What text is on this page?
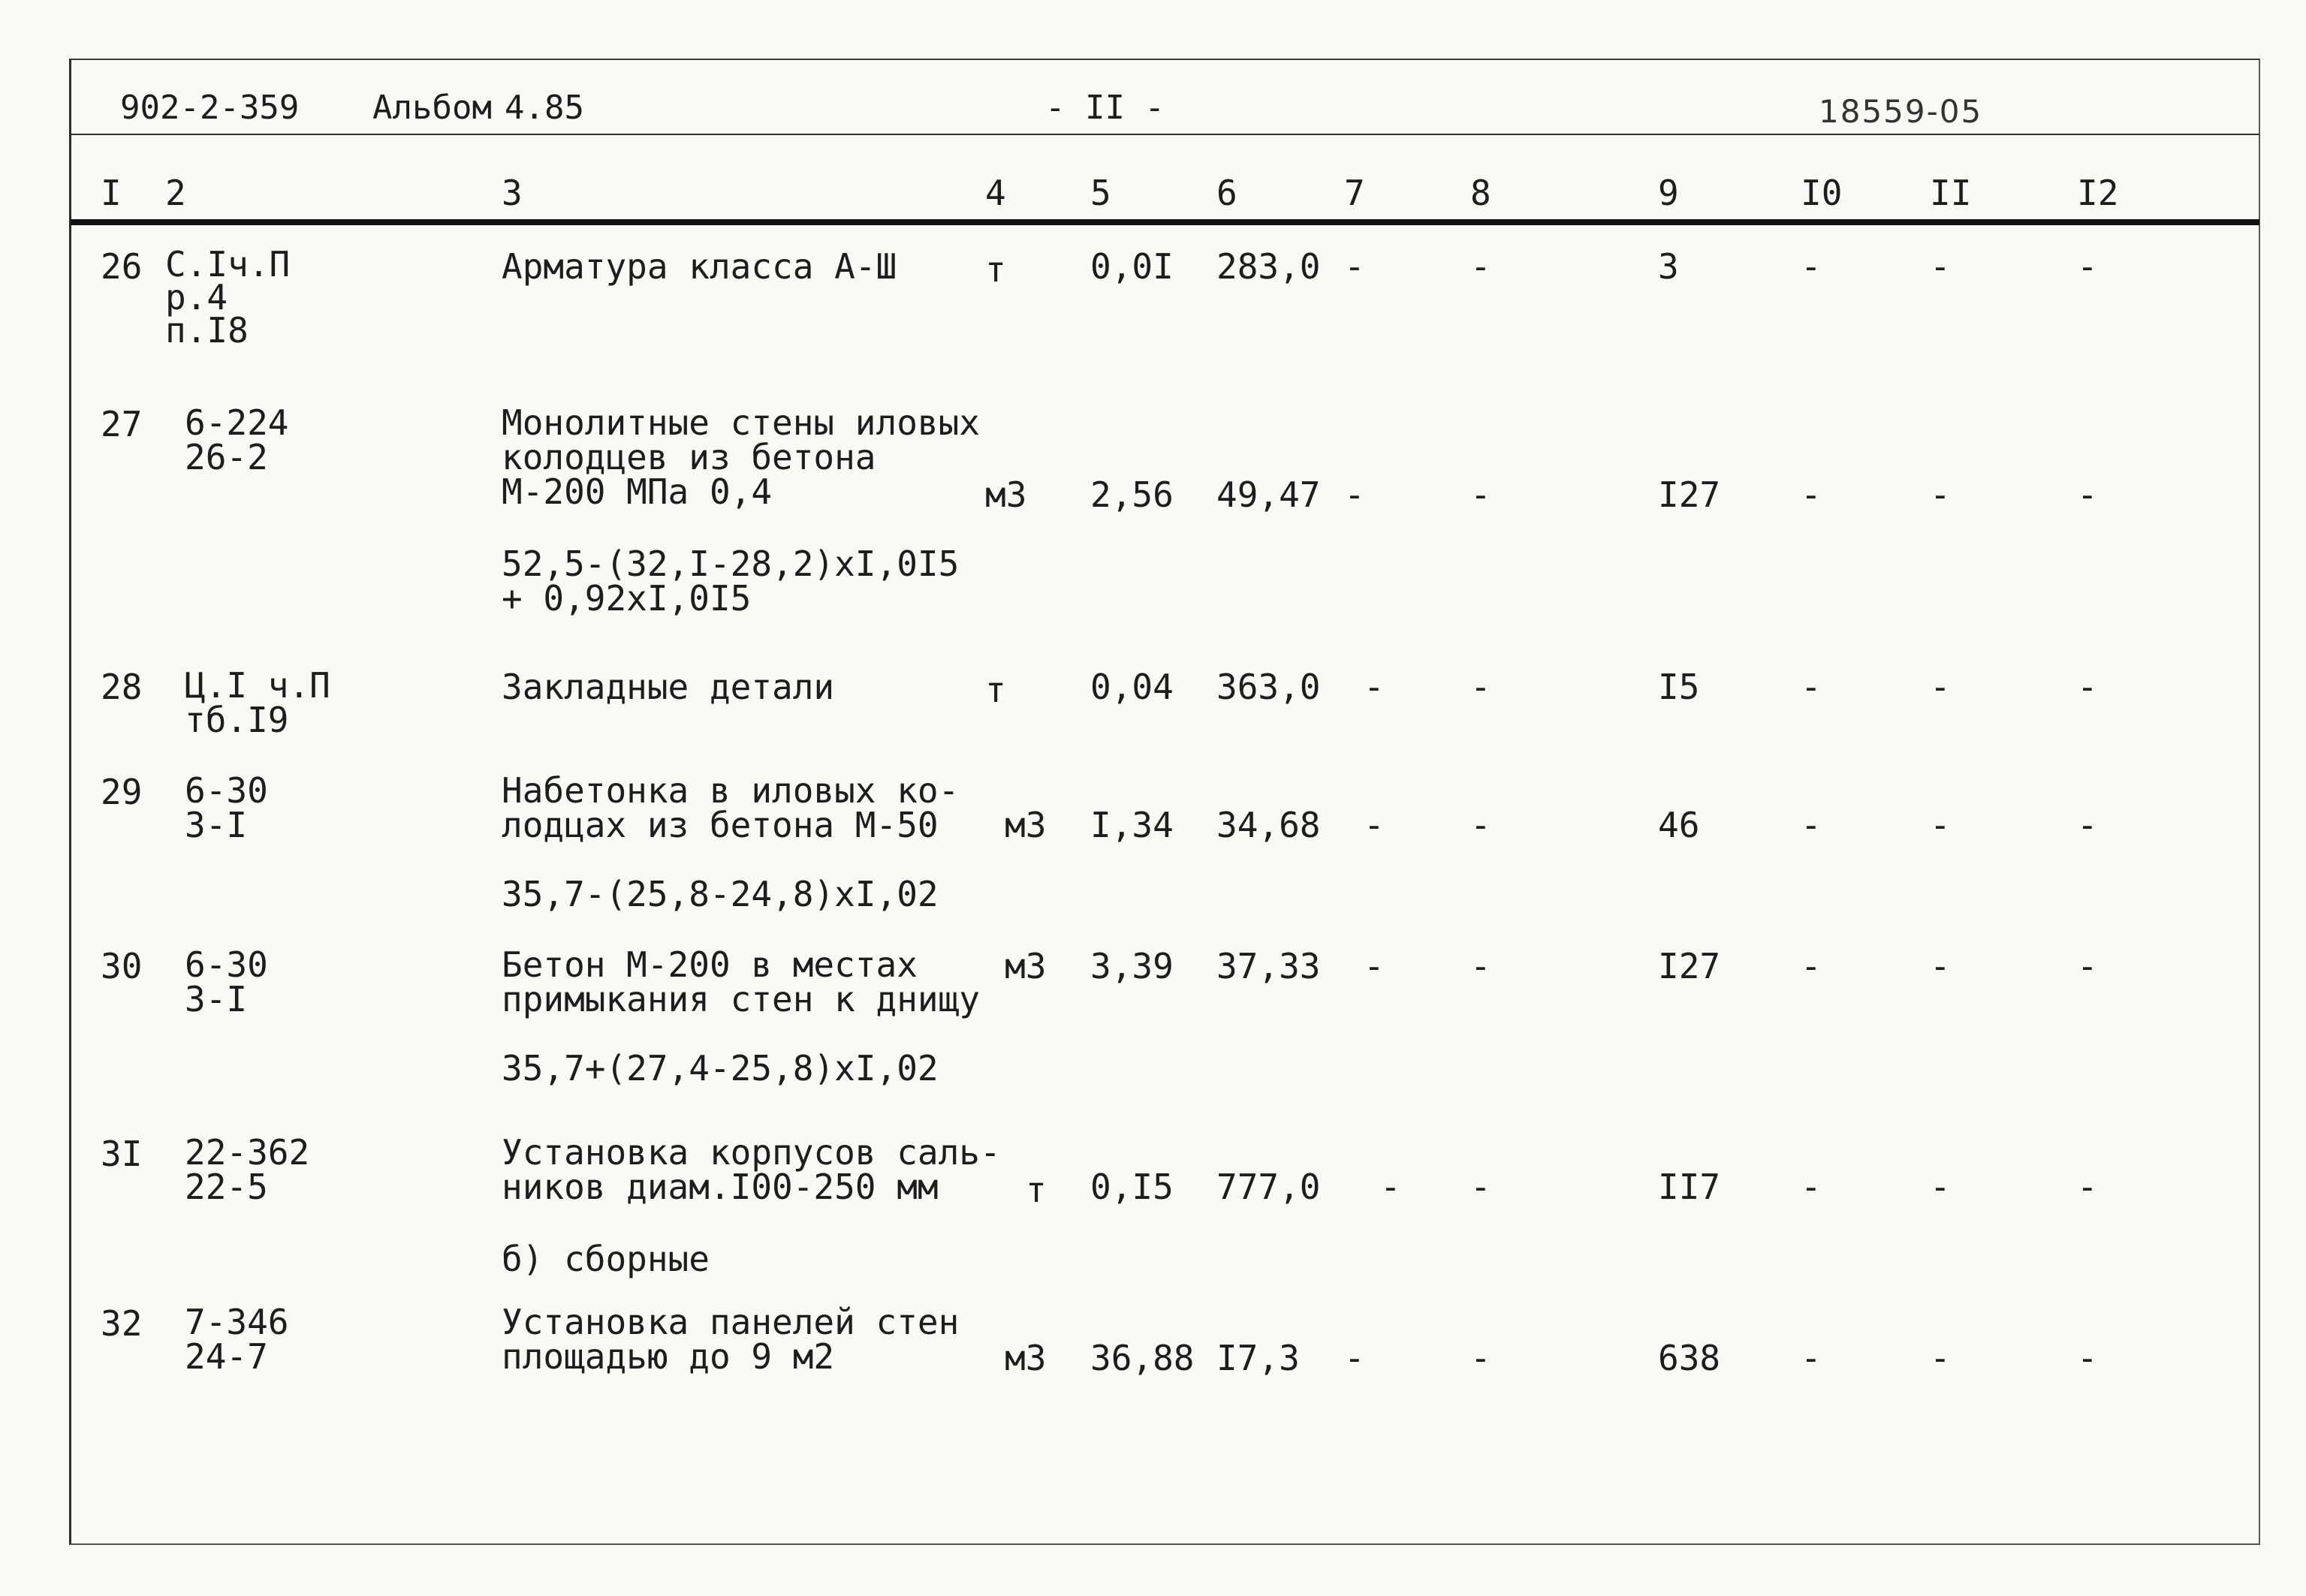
902-2-359 Альбом 4.85	- II -	18559-05
I 2	3	4 5	6	7	8	9	I0	II	I2
26 С.Iч.П
р.4
п.I8
Арматура класса А-Ш	т 0,0I 283,0 -	-	3	-	-	-
27 6-224
26-2
Монолитные стены иловых
колодцев из бетона
М-200 МПа 0,4	м3 2,56 49,47 -	-	I27 -	-	-
52,5-(32,I-28,2)xI,0I5
+ 0,92xI,0I5
28 Ц.I ч.П
тб.I9
Закладные детали	т 0,04 363,0 - -	I5	-	-	-
29 6-30
3-I
Набетонка в иловых ко-
лодцах из бетона М-50	м3 I,34 34,68 - -	46	-	-	-
35,7-(25,8-24,8)xI,02
30 6-30
3-I
Бетон М-200 в местах
примыкания стен к днищу
м3 3,39 37,33 - -	I27 -	-	-
35,7+(27,4-25,8)xI,02
3I 22-362
22-5
Установка корпусов саль-
ников диам.I00-250 мм	т 0,I5 777,0 - -	II7 -	-	-
б) сборные
32 7-346
24-7
Установка панелей стен
площадью до 9 м2	м3 36,88 I7,3 -	-	638 -	-	-
